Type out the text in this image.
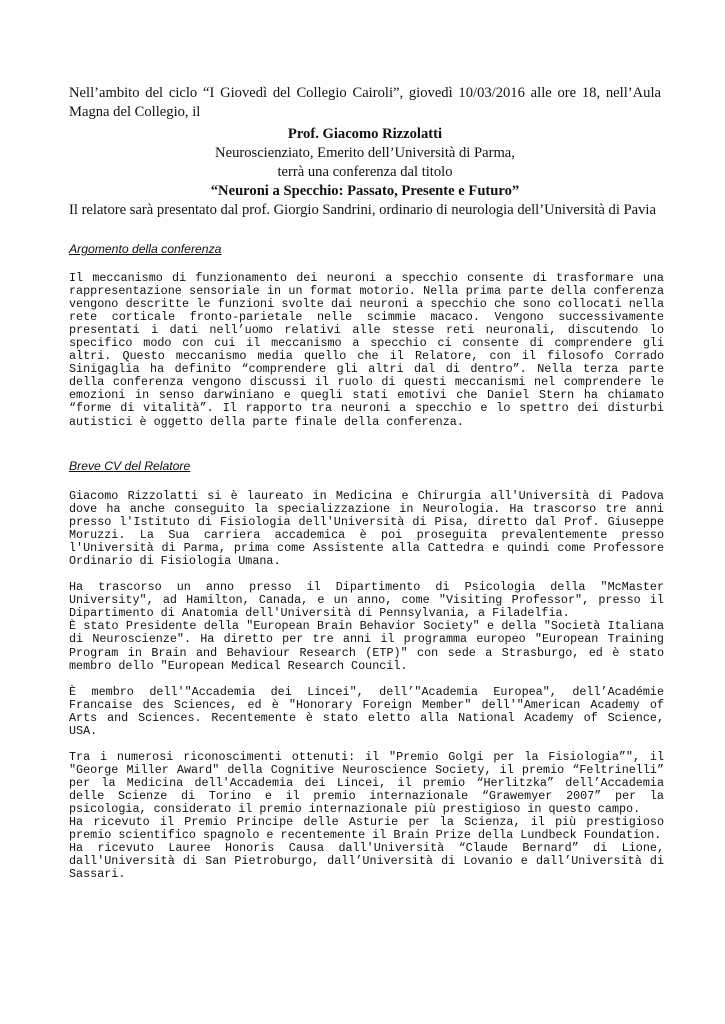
Nell’ambito del ciclo “I Giovedì del Collegio Cairoli”, giovedì 10/03/2016 alle ore 18, nell’Aula Magna del Collegio, il
Prof. Giacomo Rizzolatti
Neuroscienziato, Emerito dell’Università di Parma,
terrà una conferenza dal titolo
“Neuroni a Specchio: Passato, Presente e Futuro”
Il relatore sarà presentato dal prof. Giorgio Sandrini, ordinario di neurologia dell’Università di Pavia
Argomento della conferenza

Il meccanismo di funzionamento dei neuroni a specchio consente di trasformare una rappresentazione sensoriale in un format motorio. Nella prima parte della conferenza vengono descritte le funzioni svolte dai neuroni a specchio che sono collocati nella rete corticale fronto-parietale nelle scimmie macaco. Vengono successivamente presentati i dati nell’uomo relativi alle stesse reti neuronali, discutendo lo specifico modo con cui il meccanismo a specchio ci consente di comprendere gli altri. Questo meccanismo media quello che il Relatore, con il filosofo Corrado Sinigaglia ha definito “comprendere gli altri dal di dentro”. Nella terza parte della conferenza vengono discussi il ruolo di questi meccanismi nel comprendere le emozioni in senso darwiniano e quegli stati emotivi che Daniel Stern ha chiamato “forme di vitalità”. Il rapporto tra neuroni a specchio e lo spettro dei disturbi autistici è oggetto della parte finale della conferenza.

Breve CV del Relatore

Giacomo Rizzolatti si è laureato in Medicina e Chirurgia all'Università di Padova dove ha anche conseguito la specializzazione in Neurologia. Ha trascorso tre anni presso l'Istituto di Fisiologia dell'Università di Pisa, diretto dal Prof. Giuseppe Moruzzi. La Sua carriera accademica è poi proseguita prevalentemente presso l'Università di Parma, prima come Assistente alla Cattedra e quindi come Professore Ordinario di Fisiologia Umana.

Ha trascorso un anno presso il Dipartimento di Psicologia della "McMaster University", ad Hamilton, Canada, e un anno, come "Visiting Professor", presso il Dipartimento di Anatomia dell'Università di Pennsylvania, a Filadelfia.

È stato Presidente della "European Brain Behavior Society" e della "Società Italiana di Neuroscienze". Ha diretto per tre anni il programma europeo "European Training Program in Brain and Behaviour Research (ETP)" con sede a Strasburgo, ed è stato membro dello "European Medical Research Council.

È membro dell'"Accademia dei Lincei", dell’"Academia Europea", dell’Académie Francaise des Sciences, ed è "Honorary Foreign Member" dell'"American Academy of Arts and Sciences. Recentemente è stato eletto alla National Academy of Science, USA.

Tra i numerosi riconoscimenti ottenuti: il "Premio Golgi per la Fisiologia”", il "George Miller Award" della Cognitive Neuroscience Society, il premio “Feltrinelli” per la Medicina dell'Accademia dei Lincei, il premio “Herlitzka” dell’Accademia delle Scienze di Torino e il premio internazionale “Grawemyer 2007” per la psicologia, considerato il premio internazionale più prestigioso in questo campo.

Ha ricevuto il Premio Principe delle Asturie per la Scienza, il più prestigioso premio scientifico spagnolo e recentemente il Brain Prize della Lundbeck Foundation.

Ha ricevuto Lauree Honoris Causa dall'Università “Claude Bernard” di Lione, dall'Università di San Pietroburgo, dall’Università di Lovanio e dall’Università di Sassari.
